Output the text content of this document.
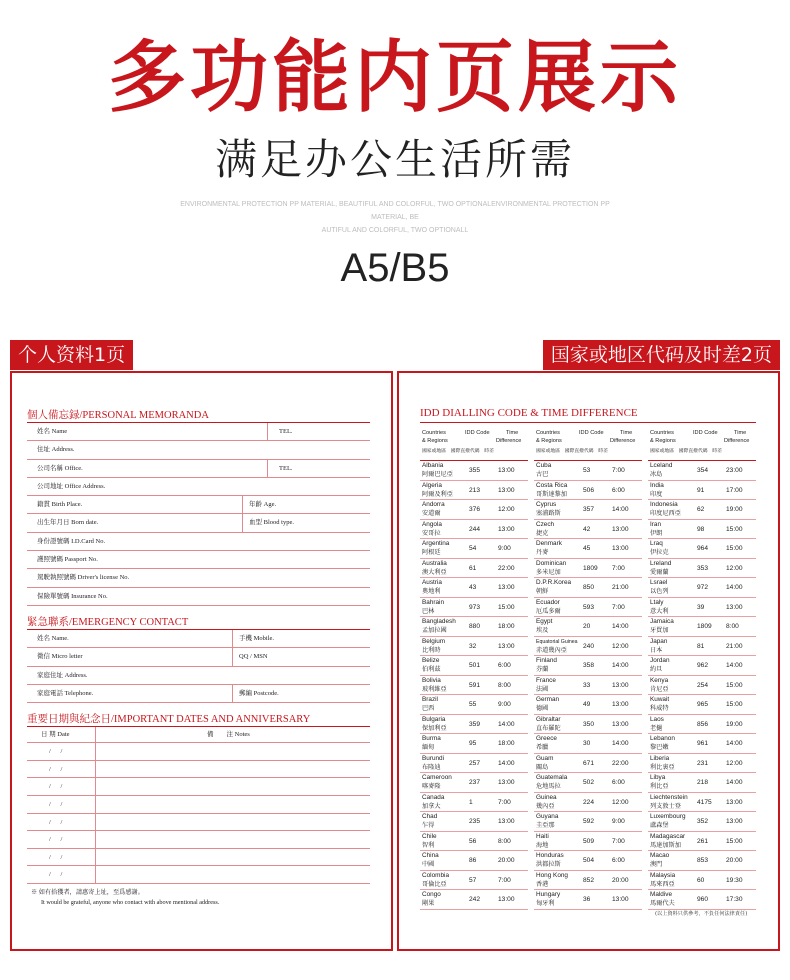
多功能内页展示
满足办公生活所需
ENVIRONMENTAL PROTECTION PP MATERIAL, BEAUTIFUL AND COLORFUL, TWO OPTIONALENVIRONMENTAL PROTECTION PP MATERIAL, BE
AUTIFUL AND COLORFUL, TWO OPTIONALL
A5/B5
个人资料1页	国家或地区代码及时差2页
個人備忘録/PERSONAL MEMORANDA
姓名 Name	TEL.
住址 Address.
公司名稱 Office.	TEL.
公司地址 Office Address.
籍貫 Birth Place.	年齡 Age.
出生年月日 Born date.	血型 Blood type.
身份證號碼 I.D.Card No.
護照號碼 Passport No.
駕駛執照號碼 Driver's license No.
保險單號碼 Insurance No.
緊急聯系/EMERGENCY CONTACT
姓名 Name.	手機 Mobile.
微信 Micro letter	QQ / MSN
家庭住址 Address.
家庭電話 Telephone.	郵編 Postcode.
重要日期與紀念日/IMPORTANT DATES AND ANNIVERSARY
日 期 Date	備　　注 Notes
/ 　 /
/ 　 /
/ 　 /
/ 　 /
/ 　 /
/ 　 /
/ 　 /
/ 　 /
※ 如有拾獲者，請惠寄上址，至爲感謝。
It would be grateful, anyone who contact with above mentional address.
IDD DIALLING CODE & TIME DIFFERENCE
Countries
& Regions
IDD Code	Time
Difference
國家或地區　國際直撥代碼　時差
Albania
阿爾巴尼亞
355	13:00
Algeria
阿爾及利亞
213	13:00
Andorra
安道爾
376	12:00
Angola
安哥拉
244	13:00
Argentina
阿根廷
54	9:00
Australia
澳大利亞
61	22:00
Austria
奧地利
43	13:00
Bahrain
巴林
973	15:00
Bangladesh
孟加拉國
880	18:00
Belgium
比利時
32	13:00
Belize
伯利茲
501	6:00
Bolivia
玻利維亞
591	8:00
Brazil
巴西
55	9:00
Bulgaria
保加利亞
359	14:00
Burma
緬甸
95	18:00
Burundi
布隆迪
257	14:00
Cameroon
喀麥隆
237	13:00
Canada
加拿大
1	7:00
Chad
乍得
235	13:00
Chile
智利
56	8:00
China
中國
86	20:00
Colombia
哥倫比亞
57	7:00
Congo
剛果
242	13:00
Countries
& Regions
IDD Code	Time
Difference
國家或地區　國際直撥代碼　時差
Cuba
古巴
53	7:00
Costa Rica
哥斯達黎加
506	6:00
Cyprus
塞浦路斯
357	14:00
Czech
捷克
42	13:00
Denmark
丹麥
45	13:00
Dominican
多米尼加
1809 7:00
D.P.R.Korea
朝鮮
850	21:00
Ecuador
厄瓜多爾
593	7:00
Egypt
埃及
20	14:00
Equatorial Guinea
赤道幾內亞
240	12:00
Finland
芬蘭
358	14:00
France
法國
33	13:00
German
德國
49	13:00
Gibraltar
直布羅陀
350	13:00
Greece
希臘
30	14:00
Guam
關島
671	22:00
Guatemala
危地馬拉
502	6:00
Guinea
幾內亞
224	12:00
Guyana
圭亞那
592	9:00
Haiti
海地
509	7:00
Honduras
洪都拉斯
504	6:00
Hong Kong
香港
852	20:00
Hungary
匈牙利
36	13:00
Countries
& Regions
IDD Code	Time
Difference
國家或地區　國際直撥代碼　時差
Lceland
冰島
354	23:00
India
印度
91	17:00
Indonesia
印度尼西亞
62	19:00
Iran
伊朗
98	15:00
Lraq
伊拉克
964	15:00
Lreland
愛爾蘭
353	12:00
Lsrael
以色列
972	14:00
Ltaly
意大利
39	13:00
Jamaica
牙買加
1809 8:00
Japan
日本
81	21:00
Jordan
約旦
962	14:00
Kenya
肯尼亞
254	15:00
Kuwait
科威特
965	15:00
Laos
老撾
856	19:00
Lebanon
黎巴嫩
961	14:00
Liberia
利比裏亞
231	12:00
Libya
利比亞
218	14:00
Liechtenstein
列支敦士登
4175 13:00
Luxembourg
盧森堡
352	13:00
Madagascar
馬達加斯加
261	15:00
Macao
澳門
853	20:00
Malaysia
馬來西亞
60	19:30
Maldive
馬爾代夫
960	17:30
(以上資料只供參考，不負任何法律責任)
